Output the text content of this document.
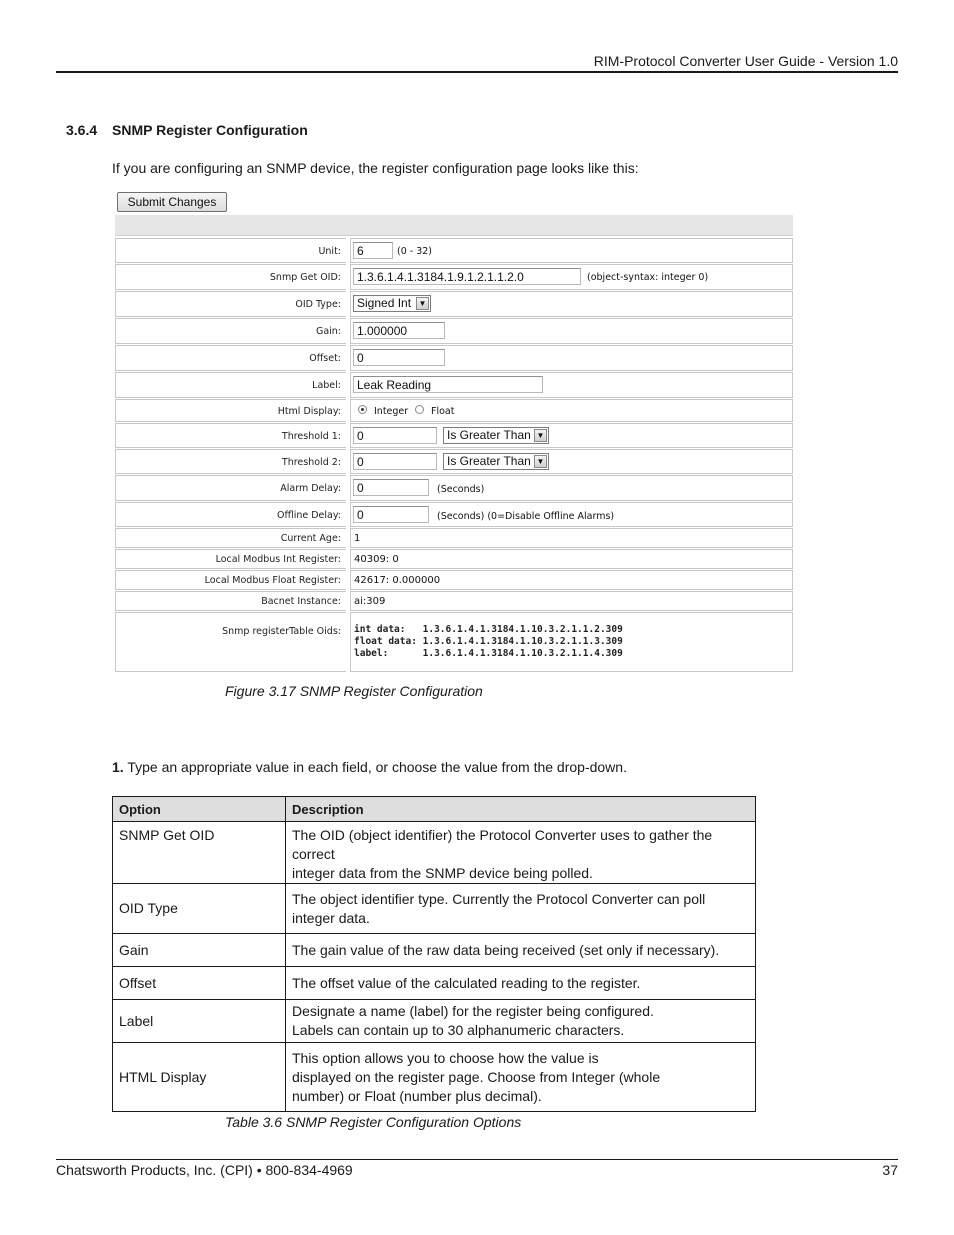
RIM-Protocol Converter User Guide - Version 1.0
3.6.4 SNMP Register Configuration
If you are configuring an SNMP device, the register configuration page looks like this:
Submit Changes
Unit:	6	(0 - 32)
Snmp Get OID:	1.3.6.1.4.1.3184.1.9.1.2.1.1.2.0	(object-syntax: integer 0)
OID Type:	Signed Int ▼
Gain:	1.000000
Offset:	0
Label:	Leak Reading
Html Display:	Integer Float
Threshold 1:	0	Is Greater Than ▼
Threshold 2:	0	Is Greater Than ▼
Alarm Delay:	0	(Seconds)
Offline Delay:	0	(Seconds) (0=Disable Offline Alarms)
Current Age:	1
Local Modbus Int Register:	40309: 0
Local Modbus Float Register:	42617: 0.000000
Bacnet Instance:	ai:309
Snmp registerTable Oids:	int data:   1.3.6.1.4.1.3184.1.10.3.2.1.1.2.309
float data: 1.3.6.1.4.1.3184.1.10.3.2.1.1.3.309
label:      1.3.6.1.4.1.3184.1.10.3.2.1.1.4.309
Figure 3.17 SNMP Register Configuration
1. Type an appropriate value in each field, or choose the value from the drop-down.
Option	Description
SNMP Get OID	The OID (object identifier) the Protocol Converter uses to gather the correct
integer data from the SNMP device being polled.

OID Type	The object identifier type. Currently the Protocol Converter can poll integer data.

Gain	The gain value of the raw data being received (set only if necessary).

Offset	The offset value of the calculated reading to the register.

Label	Designate a name (label) for the register being configured.
Labels can contain up to 30 alphanumeric characters.

HTML Display	This option allows you to choose how the value is
displayed on the register page. Choose from Integer (whole
number) or Float (number plus decimal).
Table 3.6 SNMP Register Configuration Options
Chatsworth Products, Inc. (CPI) • 800-834-4969	37
